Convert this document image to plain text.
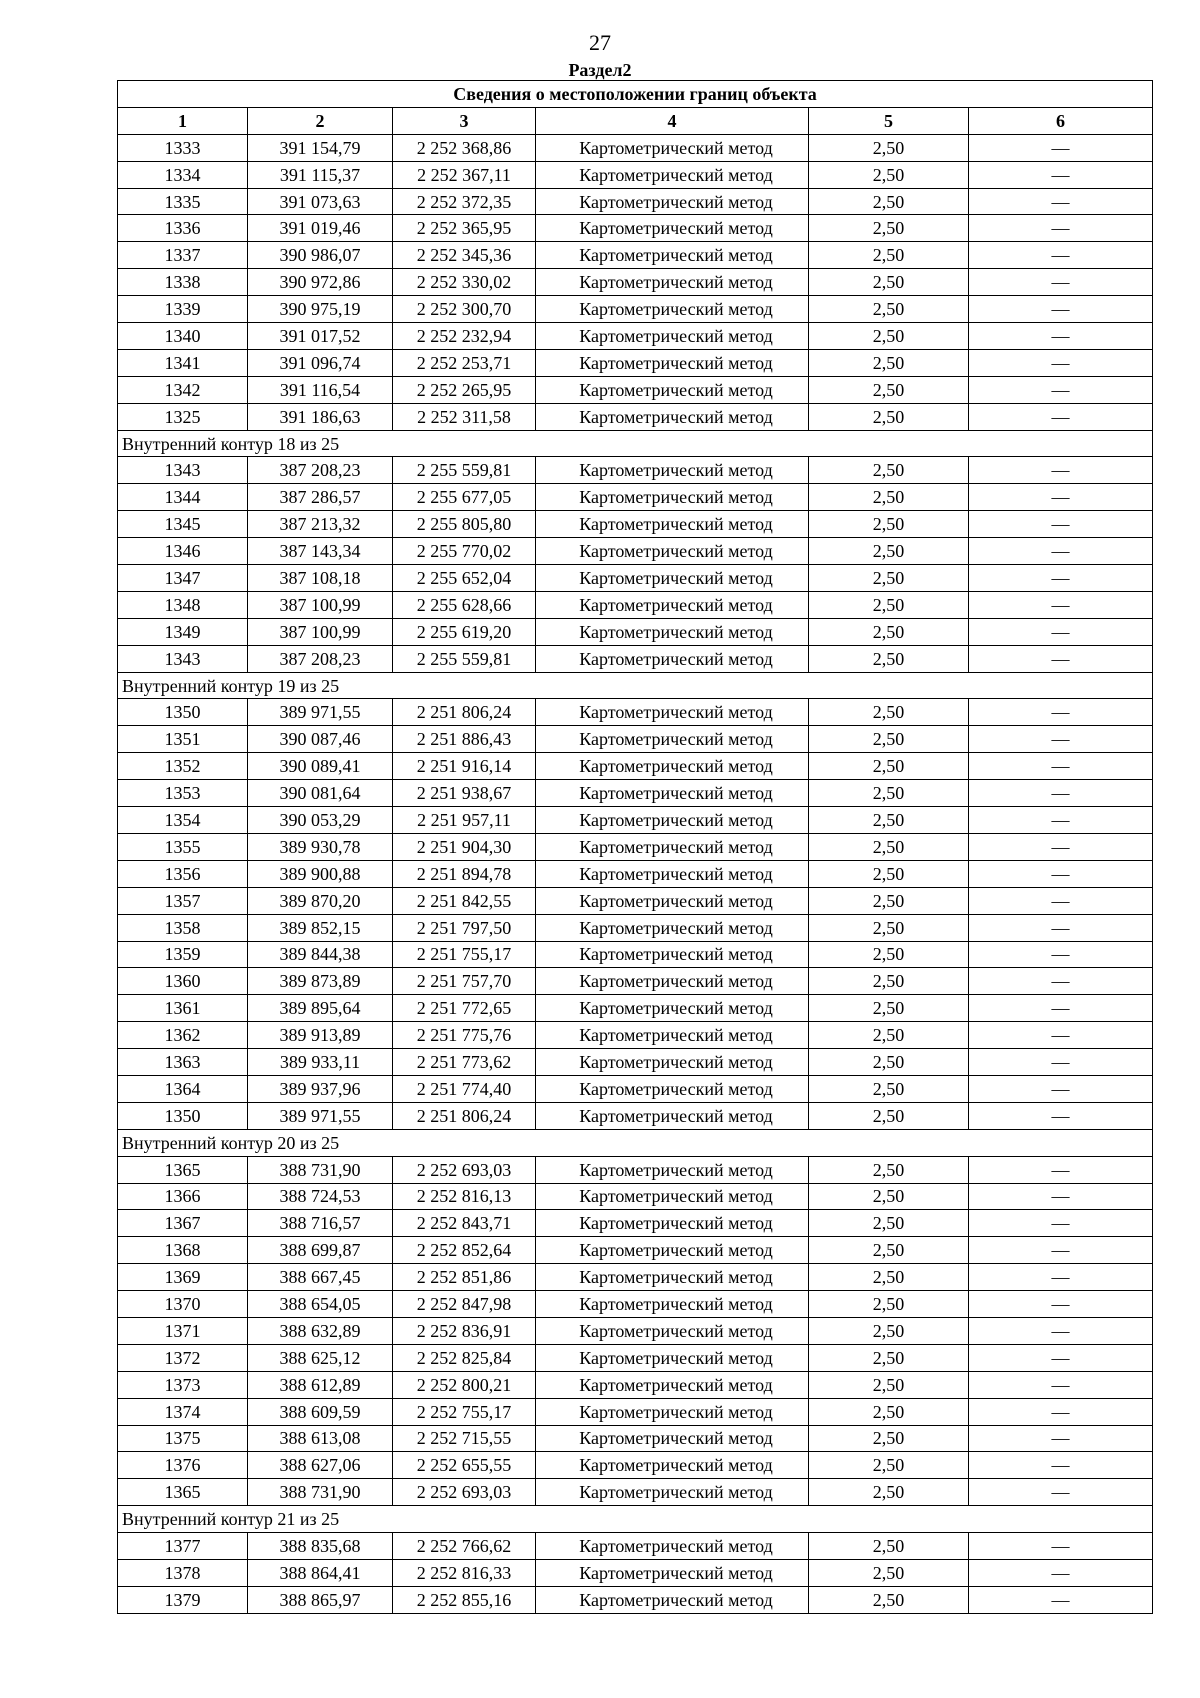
27
Раздел2
Сведения о местоположении границ объекта					
1	2	3	4	5	6
1333	391 154,79	2 252 368,86	Картометрический метод	2,50	—
1334	391 115,37	2 252 367,11	Картометрический метод	2,50	—
1335	391 073,63	2 252 372,35	Картометрический метод	2,50	—
1336	391 019,46	2 252 365,95	Картометрический метод	2,50	—
1337	390 986,07	2 252 345,36	Картометрический метод	2,50	—
1338	390 972,86	2 252 330,02	Картометрический метод	2,50	—
1339	390 975,19	2 252 300,70	Картометрический метод	2,50	—
1340	391 017,52	2 252 232,94	Картометрический метод	2,50	—
1341	391 096,74	2 252 253,71	Картометрический метод	2,50	—
1342	391 116,54	2 252 265,95	Картометрический метод	2,50	—
1325	391 186,63	2 252 311,58	Картометрический метод	2,50	—
Внутренний контур 18 из 25					
1343	387 208,23	2 255 559,81	Картометрический метод	2,50	—
1344	387 286,57	2 255 677,05	Картометрический метод	2,50	—
1345	387 213,32	2 255 805,80	Картометрический метод	2,50	—
1346	387 143,34	2 255 770,02	Картометрический метод	2,50	—
1347	387 108,18	2 255 652,04	Картометрический метод	2,50	—
1348	387 100,99	2 255 628,66	Картометрический метод	2,50	—
1349	387 100,99	2 255 619,20	Картометрический метод	2,50	—
1343	387 208,23	2 255 559,81	Картометрический метод	2,50	—
Внутренний контур 19 из 25					
1350	389 971,55	2 251 806,24	Картометрический метод	2,50	—
1351	390 087,46	2 251 886,43	Картометрический метод	2,50	—
1352	390 089,41	2 251 916,14	Картометрический метод	2,50	—
1353	390 081,64	2 251 938,67	Картометрический метод	2,50	—
1354	390 053,29	2 251 957,11	Картометрический метод	2,50	—
1355	389 930,78	2 251 904,30	Картометрический метод	2,50	—
1356	389 900,88	2 251 894,78	Картометрический метод	2,50	—
1357	389 870,20	2 251 842,55	Картометрический метод	2,50	—
1358	389 852,15	2 251 797,50	Картометрический метод	2,50	—
1359	389 844,38	2 251 755,17	Картометрический метод	2,50	—
1360	389 873,89	2 251 757,70	Картометрический метод	2,50	—
1361	389 895,64	2 251 772,65	Картометрический метод	2,50	—
1362	389 913,89	2 251 775,76	Картометрический метод	2,50	—
1363	389 933,11	2 251 773,62	Картометрический метод	2,50	—
1364	389 937,96	2 251 774,40	Картометрический метод	2,50	—
1350	389 971,55	2 251 806,24	Картометрический метод	2,50	—
Внутренний контур 20 из 25					
1365	388 731,90	2 252 693,03	Картометрический метод	2,50	—
1366	388 724,53	2 252 816,13	Картометрический метод	2,50	—
1367	388 716,57	2 252 843,71	Картометрический метод	2,50	—
1368	388 699,87	2 252 852,64	Картометрический метод	2,50	—
1369	388 667,45	2 252 851,86	Картометрический метод	2,50	—
1370	388 654,05	2 252 847,98	Картометрический метод	2,50	—
1371	388 632,89	2 252 836,91	Картометрический метод	2,50	—
1372	388 625,12	2 252 825,84	Картометрический метод	2,50	—
1373	388 612,89	2 252 800,21	Картометрический метод	2,50	—
1374	388 609,59	2 252 755,17	Картометрический метод	2,50	—
1375	388 613,08	2 252 715,55	Картометрический метод	2,50	—
1376	388 627,06	2 252 655,55	Картометрический метод	2,50	—
1365	388 731,90	2 252 693,03	Картометрический метод	2,50	—
Внутренний контур 21 из 25					
1377	388 835,68	2 252 766,62	Картометрический метод	2,50	—
1378	388 864,41	2 252 816,33	Картометрический метод	2,50	—
1379	388 865,97	2 252 855,16	Картометрический метод	2,50	—
